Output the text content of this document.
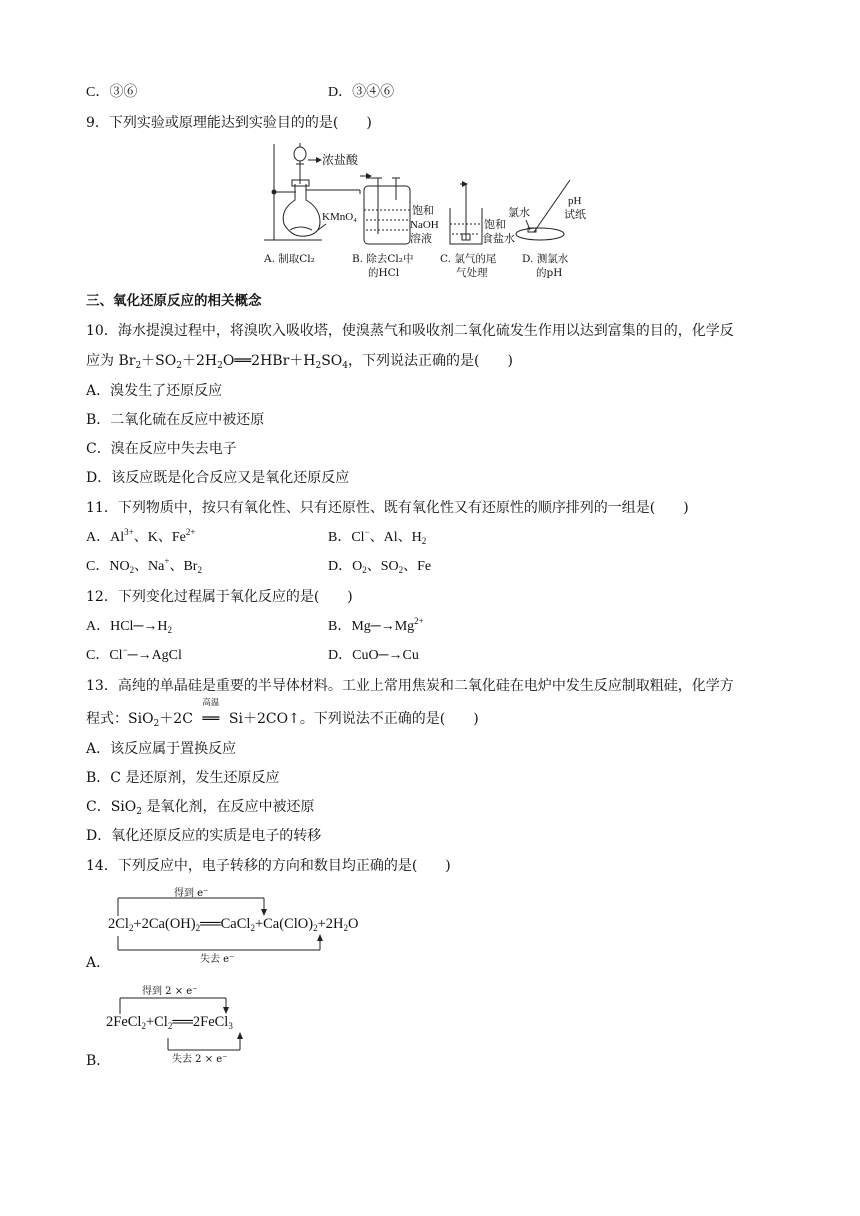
C．③⑥	D．③④⑥
9．下列实验或原理能达到实验目的的是(　　)
浓盐酸
KMnO₄	饱和
NaOH
溶液
饱和
食盐水
氯水
pH
试纸
A. 制取Cl₂	B. 除去Cl₂中
的HCl
C. 氯气的尾
气处理
D. 测氯水
的pH
三、氧化还原反应的相关概念
10．海水提溴过程中，将溴吹入吸收塔，使溴蒸气和吸收剂二氧化硫发生作用以达到富集的目的，化学反
应为 $Br_2+SO_2+2H_2O══2HBr+H_2SO_4$，下列说法正确的是(　　)
A．溴发生了还原反应
B．二氧化硫在反应中被还原
C．溴在反应中失去电子
D．该反应既是化合反应又是氧化还原反应
11．下列物质中，按只有氧化性、只有还原性、既有氧化性又有还原性的顺序排列的一组是(　　)
A．$Al^{3+}$、K、$Fe^{2+}$	B．Cl−、Al、$H_2$
C．$NO_2$、Na+、$Br_2$	D．$O_2$、$SO_2$、Fe
12．下列变化过程属于氧化反应的是(　　)
A．$HCl─\to H_2$	B．$Mg─\to Mg^{2+}$
C．Cl−─→AgCl	D．CuO─→Cu
13．高纯的单晶硅是重要的半导体材料。工业上常用焦炭和二氧化硅在电炉中发生反应制取粗硅，化学方
程式：SiO$_2$＋2C
高温
══ Si＋2CO↑。下列说法不正确的是(　　)
A．该反应属于置换反应
B．C 是还原剂，发生还原反应
C．SiO$_2$ 是氧化剂，在反应中被还原
D．氧化还原反应的实质是电子的转移
14．下列反应中，电子转移的方向和数目均正确的是(　　)
得到 e⁻
$2Cl_2+2Ca(OH)_2══CaCl_2+Ca(ClO)_2+2H_2O$
失去 e⁻
A．
得到 2 × e⁻
$2FeCl_2+Cl_2══2FeCl_3$
失去 2 × e⁻
B．
